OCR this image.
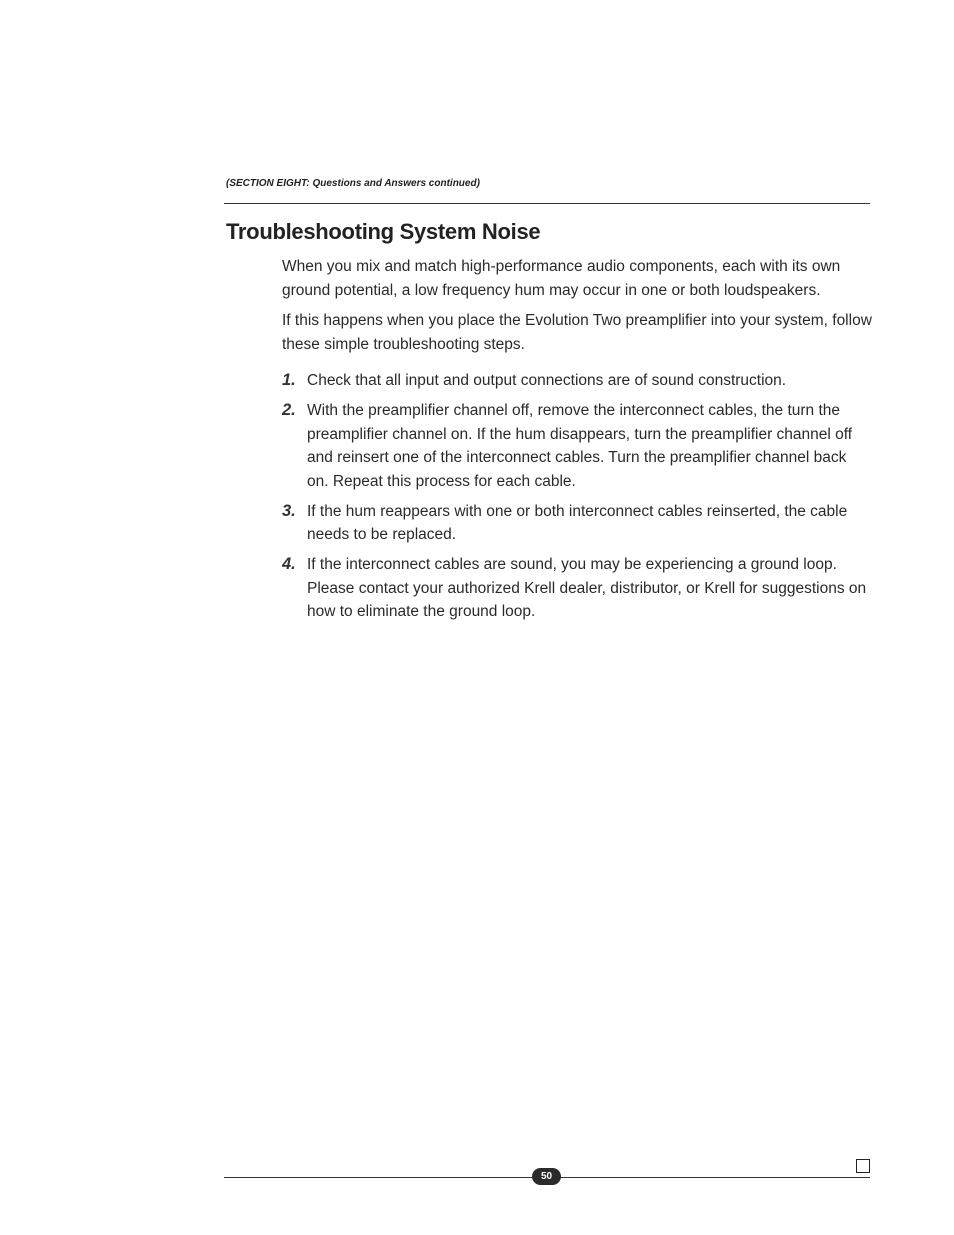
(SECTION EIGHT: Questions and Answers continued)
Troubleshooting System Noise

When you mix and match high-performance audio components, each with its own ground potential, a low frequency hum may occur in one or both loudspeakers.

If this happens when you place the Evolution Two preamplifier into your system, follow these simple troubleshooting steps.

1. Check that all input and output connections are of sound construction.
2. With the preamplifier channel off, remove the interconnect cables, the turn the preamplifier channel on. If the hum disappears, turn the preamplifier channel off and reinsert one of the interconnect cables. Turn the preamplifier channel back on. Repeat this process for each cable.
3. If the hum reappears with one or both interconnect cables reinserted, the cable needs to be replaced.
4. If the interconnect cables are sound, you may be experiencing a ground loop. Please contact your authorized Krell dealer, distributor, or Krell for suggestions on how to eliminate the ground loop.
50
